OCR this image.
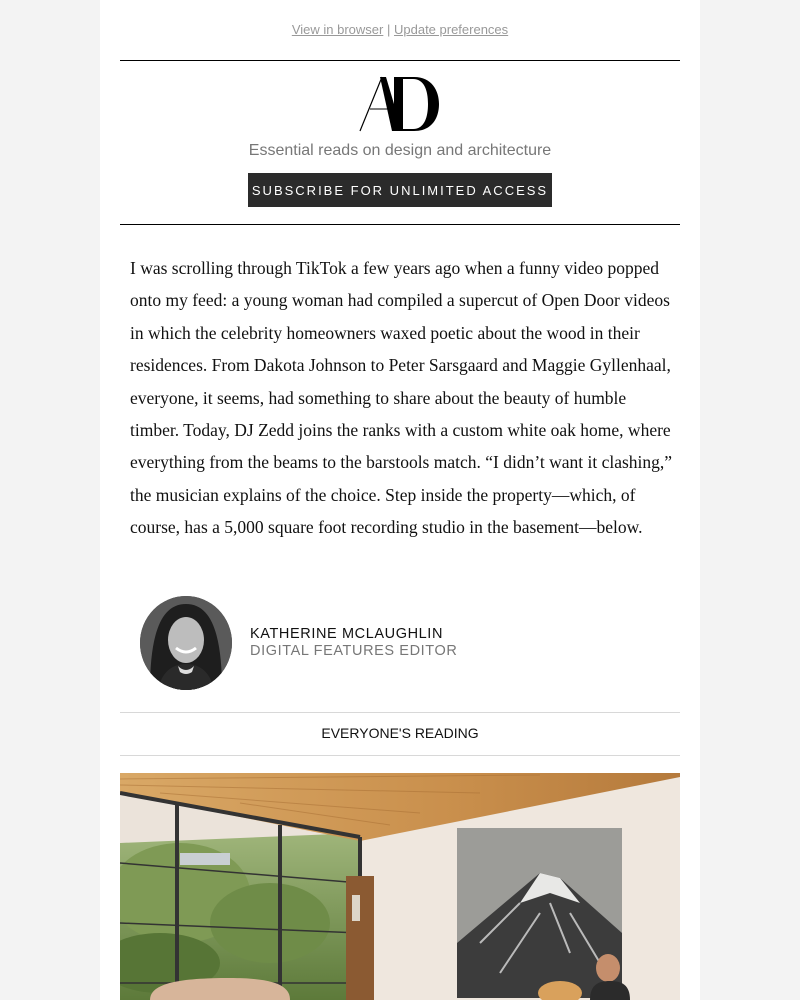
View in browser | Update preferences
Essential reads on design and architecture
SUBSCRIBE FOR UNLIMITED ACCESS
I was scrolling through TikTok a few years ago when a funny video popped onto my feed: a young woman had compiled a supercut of Open Door videos in which the celebrity homeowners waxed poetic about the wood in their residences. From Dakota Johnson to Peter Sarsgaard and Maggie Gyllenhaal, everyone, it seems, had something to share about the beauty of humble timber. Today, DJ Zedd joins the ranks with a custom white oak home, where everything from the beams to the barstools match. “I didn’t want it clashing,” the musician explains of the choice. Step inside the property—which, of course, has a 5,000 square foot recording studio in the basement—below.
KATHERINE MCLAUGHLIN
DIGITAL FEATURES EDITOR
EVERYONE'S READING
